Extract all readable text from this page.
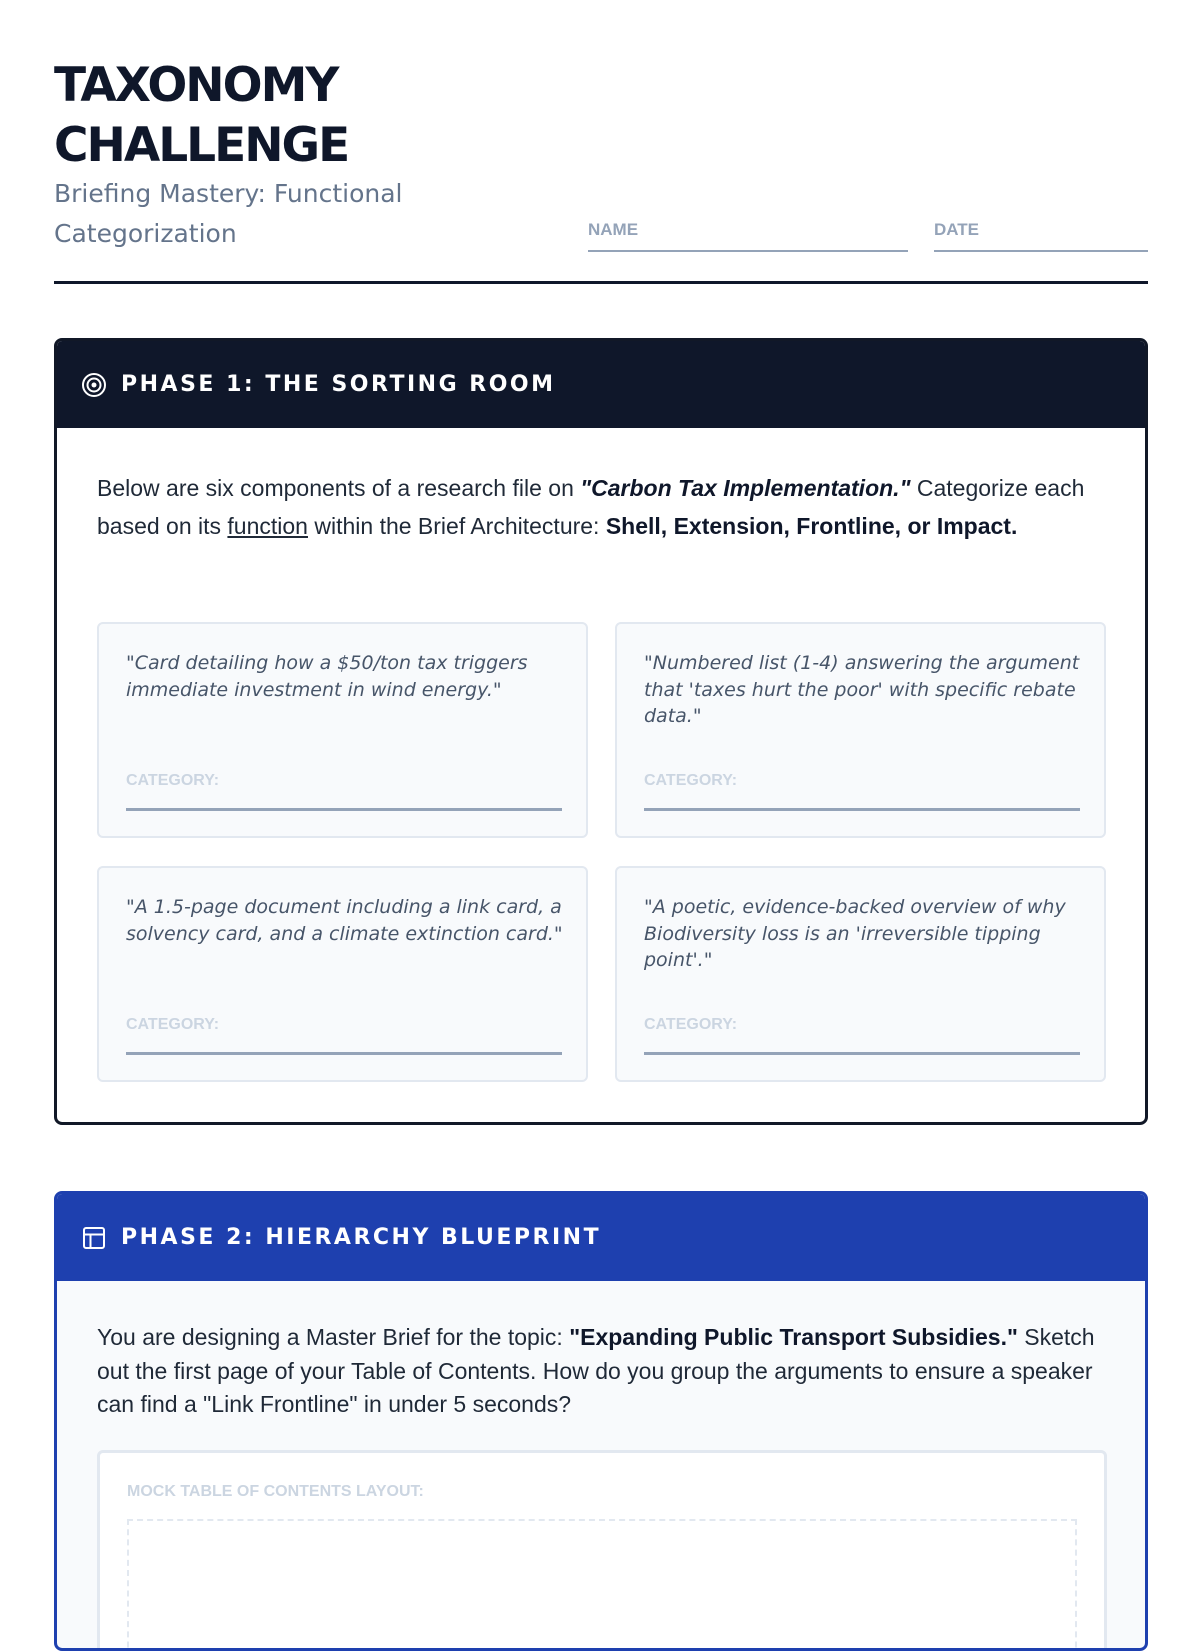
TAXONOMY
CHALLENGE

Briefing Mastery: Functional Categorization	NAME	DATE
PHASE 1: THE SORTING ROOM

Below are six components of a research file on "Carbon Tax Implementation." Categorize each based on its function within the Brief Architecture: Shell, Extension, Frontline, or Impact.

"Card detailing how a $50/ton tax triggers immediate investment in wind energy."

CATEGORY:

"Numbered list (1-4) answering the argument that 'taxes hurt the poor' with specific rebate data."

CATEGORY:

"A 1.5-page document including a link card, a solvency card, and a climate extinction card."

CATEGORY:

"A poetic, evidence-backed overview of why Biodiversity loss is an 'irreversible tipping point'."

CATEGORY:
PHASE 2: HIERARCHY BLUEPRINT

You are designing a Master Brief for the topic: "Expanding Public Transport Subsidies." Sketch out the first page of your Table of Contents. How do you group the arguments to ensure a speaker can find a "Link Frontline" in under 5 seconds?

MOCK TABLE OF CONTENTS LAYOUT:
